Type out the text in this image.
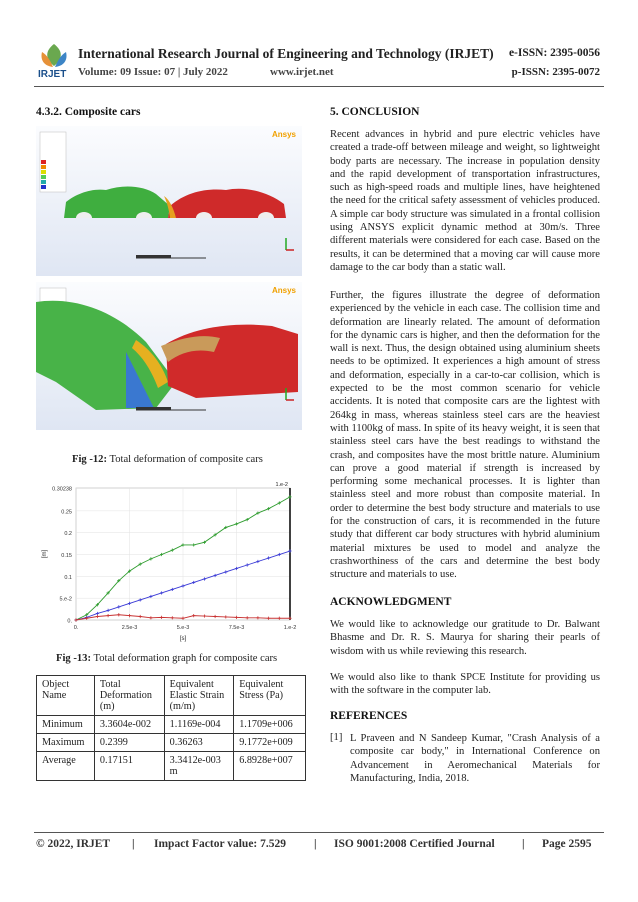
IRJET
International Research Journal of Engineering and Technology (IRJET) e-ISSN: 2395-0056
Volume: 09 Issue: 07 | July 2022	www.irjet.net	p-ISSN: 2395-0072
4.3.2. Composite cars
Ansys
Ansys
Fig -12: Total deformation of composite cars
0.
5.e-2
0.1
0.15
0.2
0.25
0.30238
0.	2.5e-3	5.e-3	7.5e-3	1.e-2
[s]
[m]
1.e-2
Fig -13: Total deformation graph for composite cars
Object Name	Total Deformation (m)	Equivalent Elastic Strain (m/m)	Equivalent Stress (Pa)
Minimum	3.3604e-002	1.1169e-004	1.1709e+006
Maximum	0.2399	0.36263	9.1772e+009
Average	0.17151	3.3412e-003 m	6.8928e+007
5. CONCLUSION
Recent advances in hybrid and pure electric vehicles have created a trade-off between mileage and weight, so lightweight body parts are necessary. The increase in population density and the rapid development of transportation infrastructures, such as high-speed roads and multiple lines, have heightened the need for the critical safety assessment of vehicles produced. A simple car body structure was simulated in a frontal collision using ANSYS explicit dynamic method at 30m/s. Three different materials were considered for each case. Based on the results, it can be determined that a moving car will cause more damage to the car body than a static wall.
Further, the figures illustrate the degree of deformation experienced by the vehicle in each case. The collision time and deformation are linearly related. The amount of deformation for the dynamic cars is higher, and then the deformation for the wall is next. Thus, the design obtained using aluminium sheets needs to be optimized. It experiences a high amount of stress and deformation, especially in a car-to-car collision, which is expected to be the most common scenario for vehicle accidents. It is noted that composite cars are the lightest with 264kg in mass, whereas stainless steel cars are the heaviest with 1100kg of mass. In spite of its heavy weight, it is seen that stainless steel cars have the best readings to withstand the crash, and composites have the most brittle nature. Aluminium can prove a good material if strength is increased by performing some mechanical processes. It is lighter than stainless steel and more robust than composite material. In order to determine the best body structure and materials to use for the construction of cars, it is recommended in the future study that different car body structures with hybrid aluminium material mixtures be used to model and analyze the crashworthiness of the cars and determine the best body structure and materials to use.
ACKNOWLEDGMENT
We would like to acknowledge our gratitude to Dr. Balwant Bhasme and Dr. R. S. Maurya for sharing their pearls of wisdom with us while reviewing this research.
We would also like to thank SPCE Institute for providing us with the software in the computer lab.
REFERENCES
[1] L Praveen and N Sandeep Kumar, "Crash Analysis of a composite car body," in International Conference on Advancement in Aeromechanical Materials for Manufacturing, India, 2018.
© 2022, IRJET | Impact Factor value: 7.529 | ISO 9001:2008 Certified Journal | Page 2595
